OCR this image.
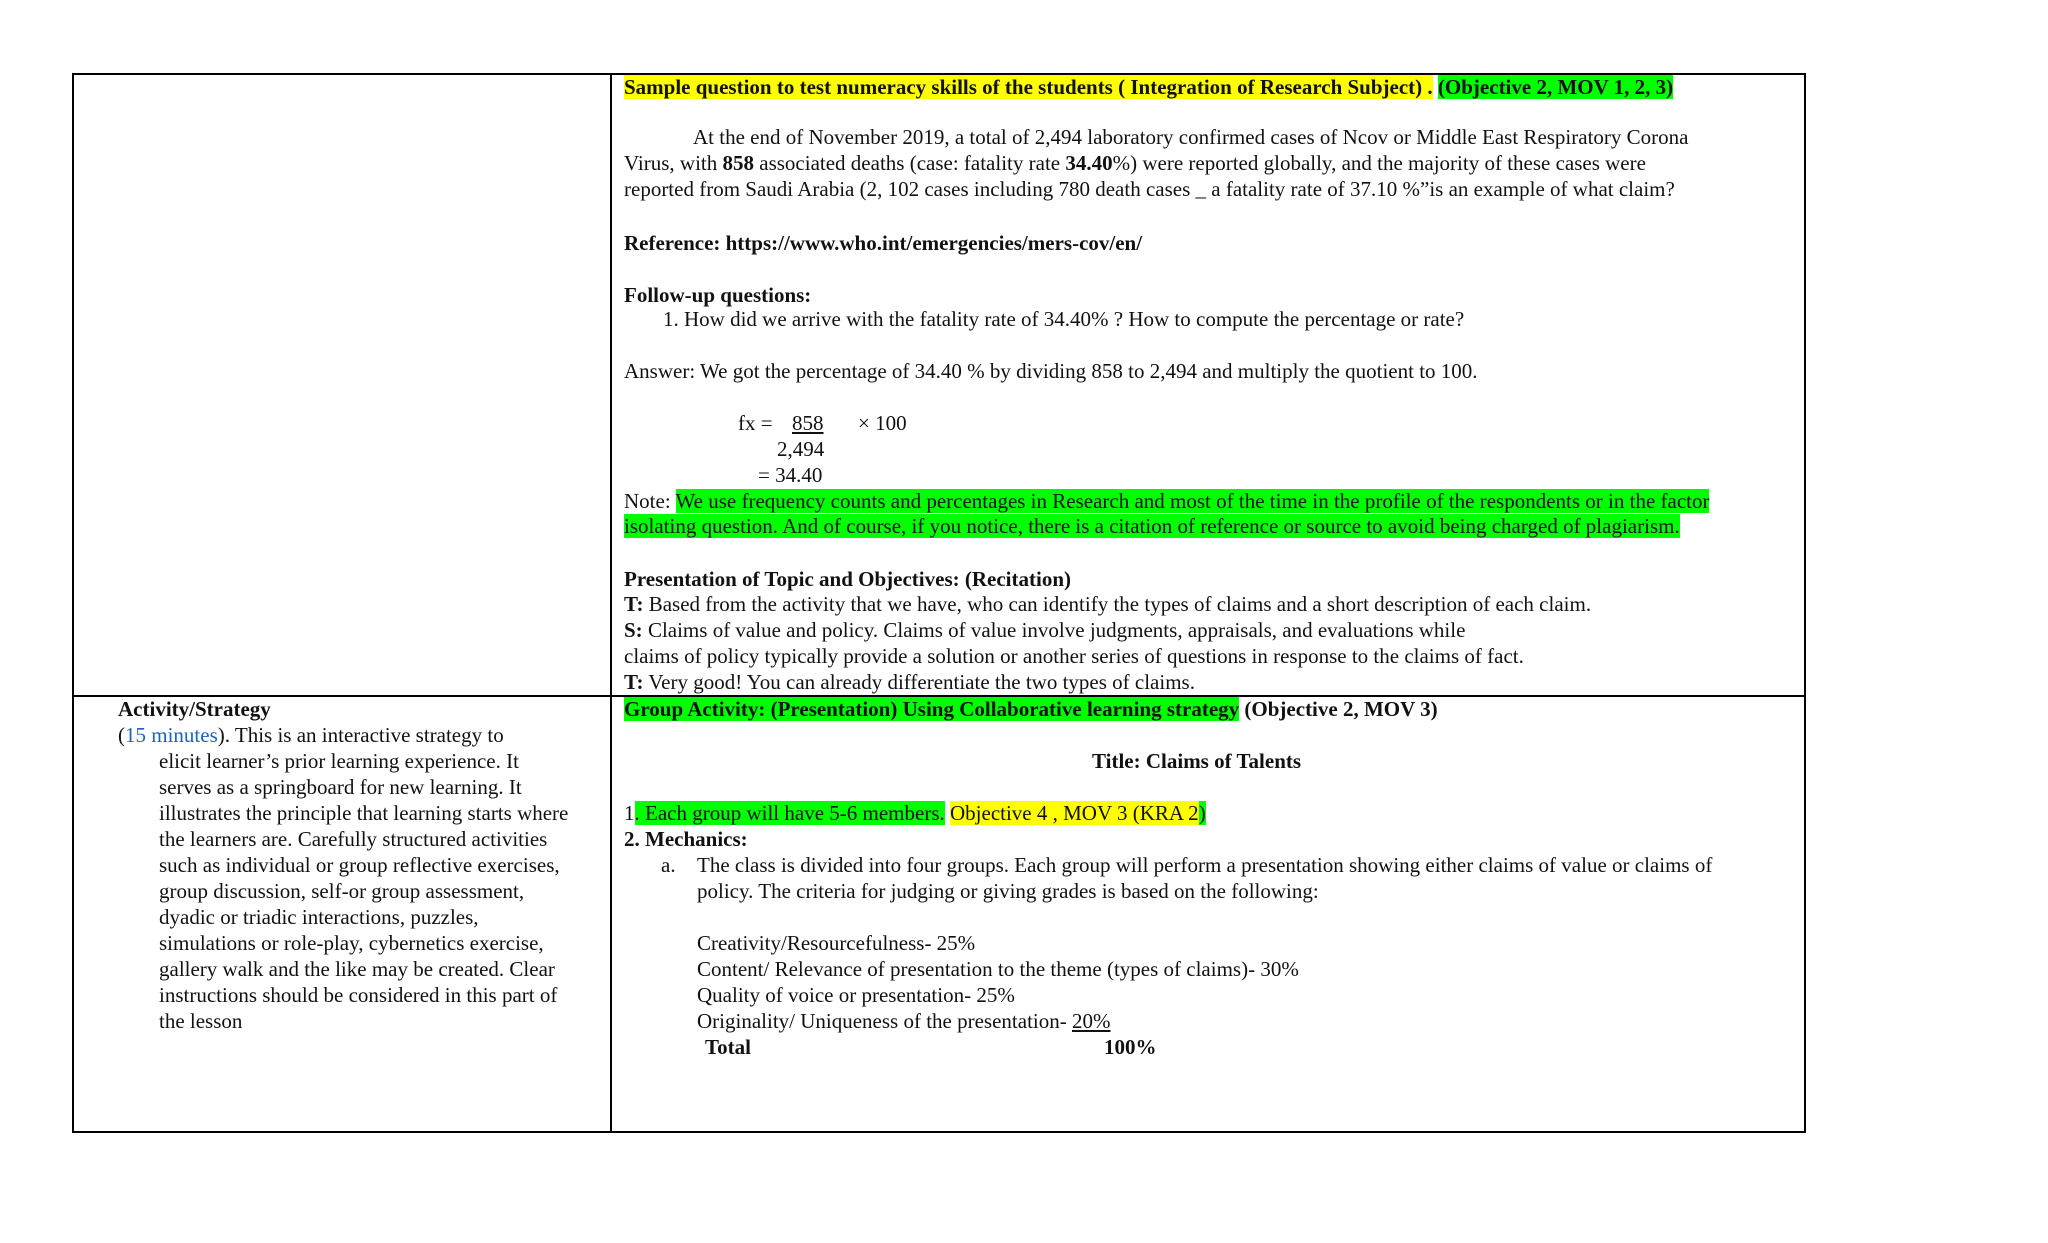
Sample question to test numeracy skills of the students ( Integration of Research Subject) . (Objective 2, MOV 1, 2, 3)
At the end of November 2019, a total of 2,494 laboratory confirmed cases of Ncov or Middle East Respiratory Corona
Virus, with 858 associated deaths (case: fatality rate 34.40%) were reported globally, and the majority of these cases were
reported from Saudi Arabia (2, 102 cases including 780 death cases _ a fatality rate of 37.10 %”is an example of what claim?
Reference: https://www.who.int/emergencies/mers-cov/en/
Follow-up questions:
1. How did we arrive with the fatality rate of 34.40% ? How to compute the percentage or rate?
Answer: We got the percentage of 34.40 % by dividing 858 to 2,494 and multiply the quotient to 100.
fx = 858	× 100
2,494
= 34.40
Note: We use frequency counts and percentages in Research and most of the time in the profile of the respondents or in the factor
isolating question. And of course, if you notice, there is a citation of reference or source to avoid being charged of plagiarism.
Presentation of Topic and Objectives: (Recitation)
T: Based from the activity that we have, who can identify the types of claims and a short description of each claim.
S: Claims of value and policy. Claims of value involve judgments, appraisals, and evaluations while
claims of policy typically provide a solution or another series of questions in response to the claims of fact.
T: Very good! You can already differentiate the two types of claims.
Activity/Strategy
(15 minutes). This is an interactive strategy to
elicit learner’s prior learning experience. It
serves as a springboard for new learning. It
illustrates the principle that learning starts where
the learners are. Carefully structured activities
such as individual or group reflective exercises,
group discussion, self-or group assessment,
dyadic or triadic interactions, puzzles,
simulations or role-play, cybernetics exercise,
gallery walk and the like may be created. Clear
instructions should be considered in this part of
the lesson
Group Activity: (Presentation) Using Collaborative learning strategy (Objective 2, MOV 3)
Title: Claims of Talents
1. Each group will have 5-6 members. Objective 4 , MOV 3 (KRA 2)
2. Mechanics:
a. The class is divided into four groups. Each group will perform a presentation showing either claims of value or claims of
policy. The criteria for judging or giving grades is based on the following:
Creativity/Resourcefulness- 25%
Content/ Relevance of presentation to the theme (types of claims)- 30%
Quality of voice or presentation- 25%
Originality/ Uniqueness of the presentation- 20%
Total	100%
